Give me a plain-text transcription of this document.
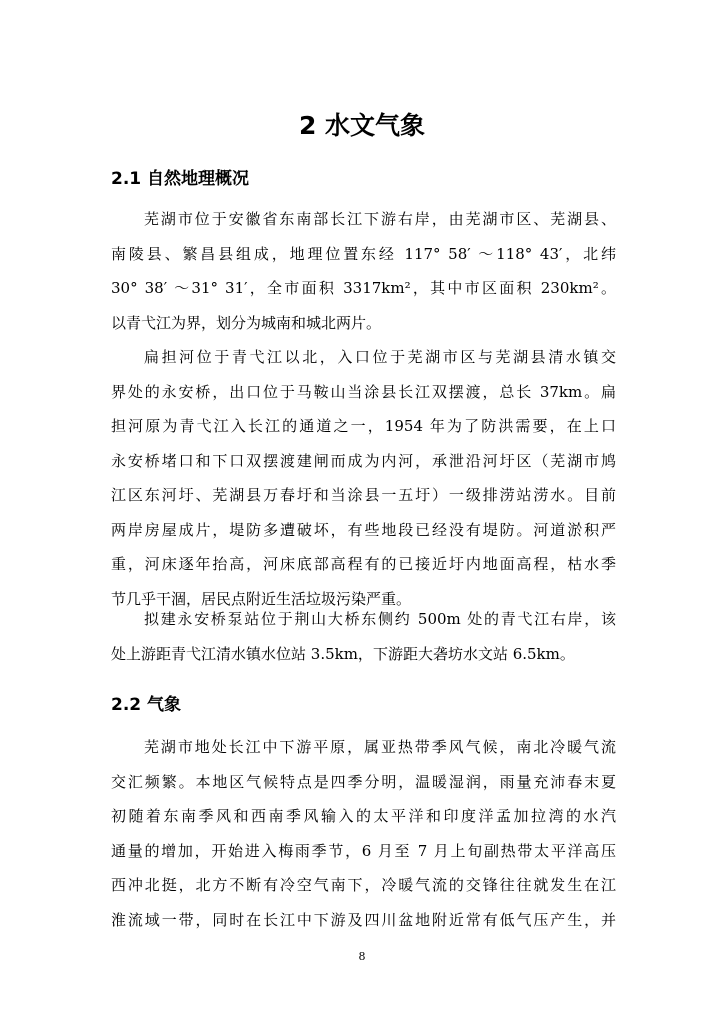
2 水文气象
2.1 自然地理概况

芜湖市位于安徽省东南部长江下游右岸，由芜湖市区、芜湖县、
南陵县、繁昌县组成，地理位置东经 117° 58′ ～118° 43′，北纬
30° 38′ ～31° 31′，全市面积 3317km²，其中市区面积 230km²。
以青弋江为界，划分为城南和城北两片。

扁担河位于青弋江以北，入口位于芜湖市区与芜湖县清水镇交
界处的永安桥，出口位于马鞍山当涂县长江双摆渡，总长 37km。扁
担河原为青弋江入长江的通道之一，1954 年为了防洪需要，在上口
永安桥堵口和下口双摆渡建闸而成为内河，承泄沿河圩区（芜湖市鸠
江区东河圩、芜湖县万春圩和当涂县一五圩）一级排涝站涝水。目前
两岸房屋成片，堤防多遭破坏，有些地段已经没有堤防。河道淤积严
重，河床逐年抬高，河床底部高程有的已接近圩内地面高程，枯水季
节几乎干涸，居民点附近生活垃圾污染严重。

拟建永安桥泵站位于荆山大桥东侧约 500m 处的青弋江右岸，该
处上游距青弋江清水镇水位站 3.5km，下游距大砻坊水文站 6.5km。

2.2 气象

芜湖市地处长江中下游平原，属亚热带季风气候，南北冷暖气流
交汇频繁。本地区气候特点是四季分明，温暖湿润，雨量充沛春末夏
初随着东南季风和西南季风输入的太平洋和印度洋孟加拉湾的水汽
通量的增加，开始进入梅雨季节，6 月至 7 月上旬副热带太平洋高压
西冲北挺，北方不断有冷空气南下，冷暖气流的交锋往往就发生在江
淮流域一带，同时在长江中下游及四川盆地附近常有低气压产生，并

8
